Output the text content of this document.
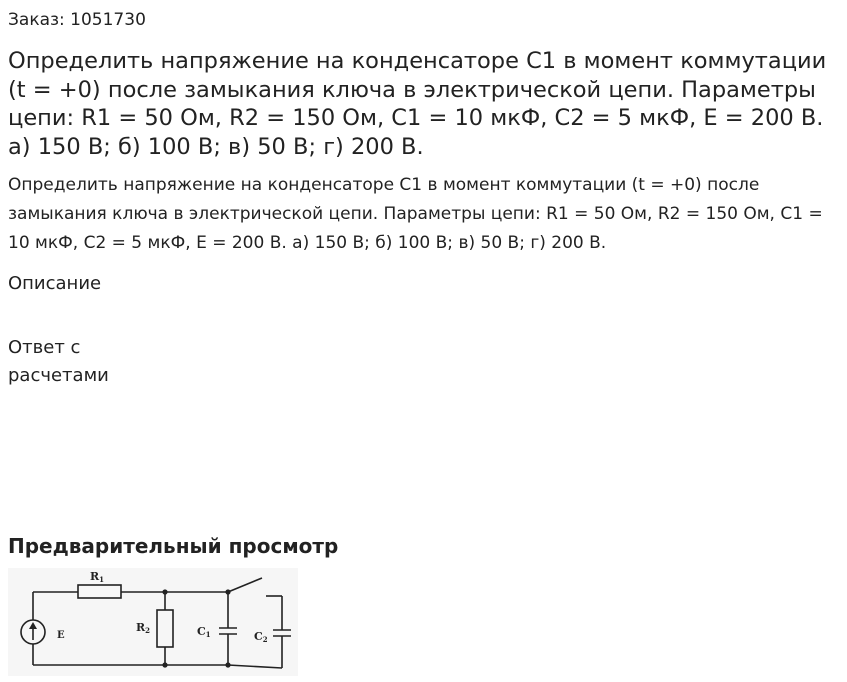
Заказ: 1051730
Определить напряжение на конденсаторе С1 в момент коммутации (t = +0) после замыкания ключа в электрической цепи. Параметры цепи: R1 = 50 Ом, R2 = 150 Ом, С1 = 10 мкФ, С2 = 5 мкФ, Е = 200 В. а) 150 В; б) 100 В; в) 50 В; г) 200 В.

Определить напряжение на конденсаторе С1 в момент коммутации (t = +0) после замыкания ключа в электрической цепи. Параметры цепи: R1 = 50 Ом, R2 = 150 Ом, С1 = 10 мкФ, С2 = 5 мкФ, Е = 200 В. а) 150 В; б) 100 В; в) 50 В; г) 200 В.

Описание
Ответ с расчетами
Предварительный просмотр
R1
R2	C1	C2
E
